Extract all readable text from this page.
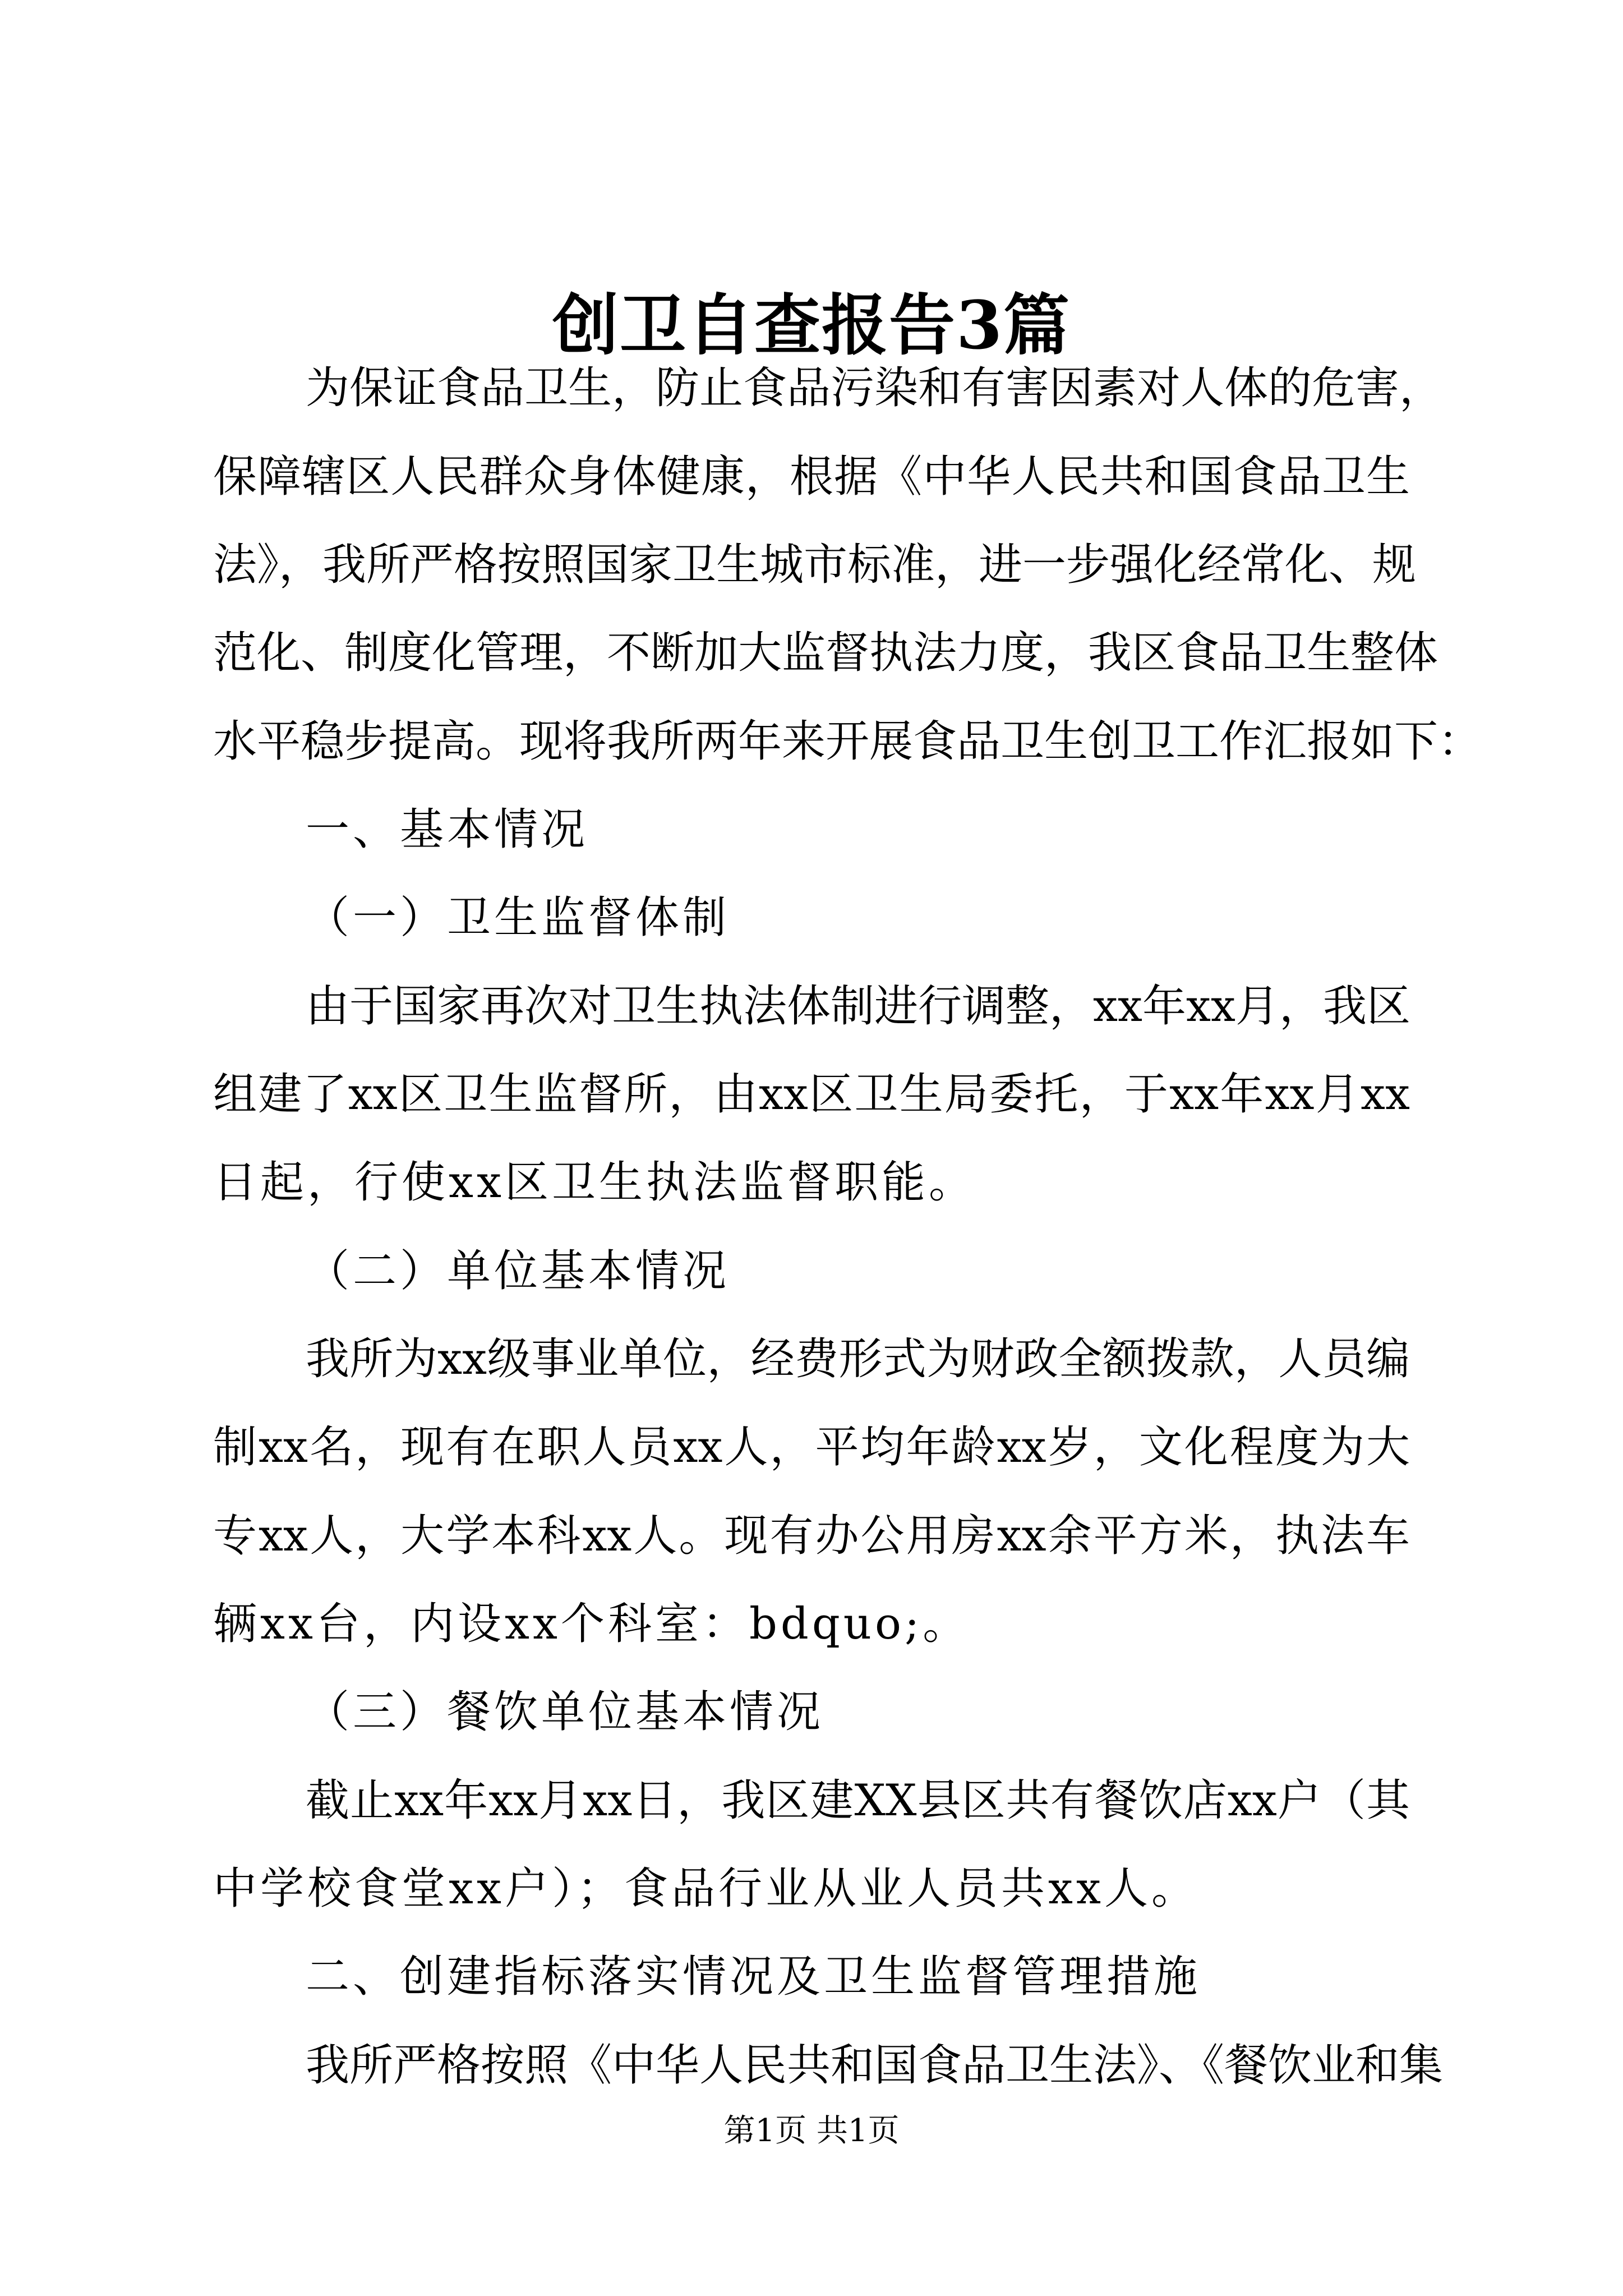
创卫自查报告3篇
为保证食品卫生，防止食品污染和有害因素对人体的危害，
保障辖区人民群众身体健康，根据《中华人民共和国食品卫生
法》，我所严格按照国家卫生城市标准，进一步强化经常化、规
范化、制度化管理，不断加大监督执法力度，我区食品卫生整体
水平稳步提高。现将我所两年来开展食品卫生创卫工作汇报如下：
一、基本情况
（一）卫生监督体制
由于国家再次对卫生执法体制进行调整，xx年xx月，我区
组建了xx区卫生监督所，由xx区卫生局委托，于xx年xx月xx
日起，行使xx区卫生执法监督职能。
（二）单位基本情况
我所为xx级事业单位，经费形式为财政全额拨款，人员编
制xx名，现有在职人员xx人，平均年龄xx岁，文化程度为大
专xx人，大学本科xx人。现有办公用房xx余平方米，执法车
辆xx台，内设xx个科室：bdquo;。
（三）餐饮单位基本情况
截止xx年xx月xx日，我区建XX县区共有餐饮店xx户（其
中学校食堂xx户）；食品行业从业人员共xx人。
二、创建指标落实情况及卫生监督管理措施
我所严格按照《中华人民共和国食品卫生法》、《餐饮业和集
第1页 共1页
